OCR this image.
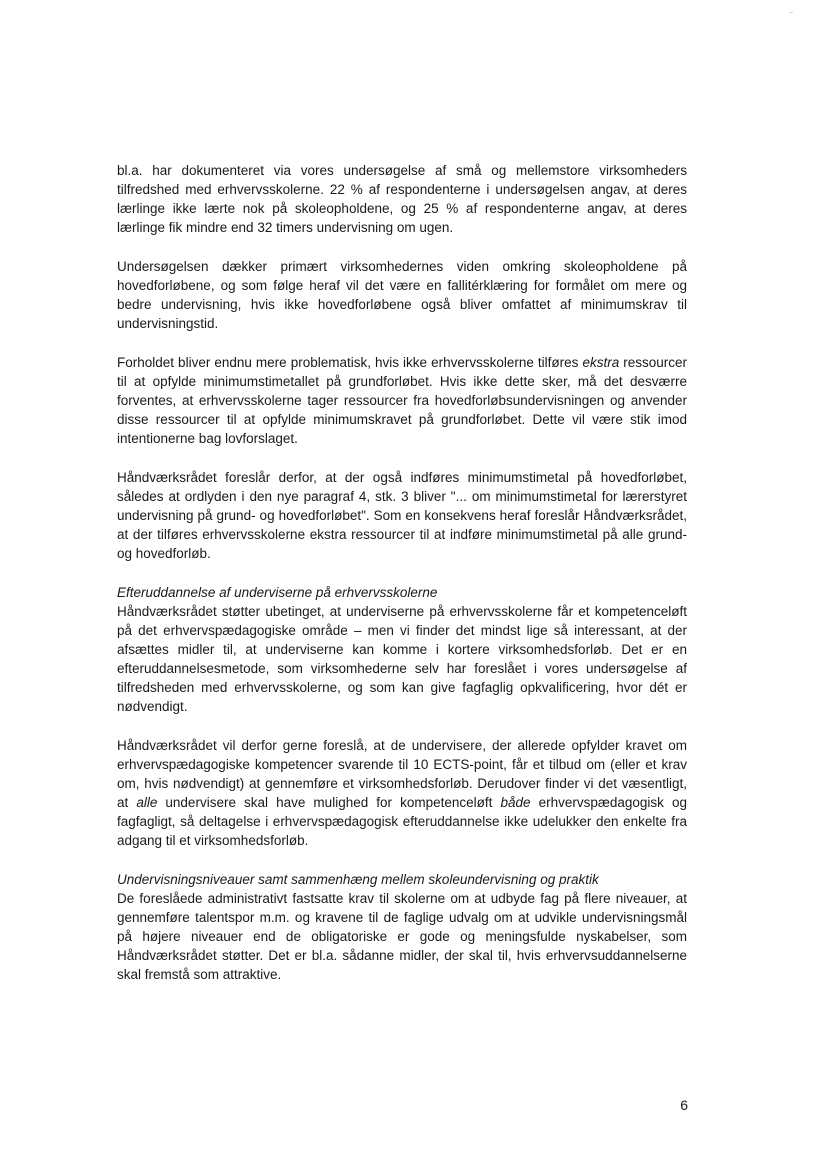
bl.a. har dokumenteret via vores undersøgelse af små og mellemstore virksomheders tilfredshed med erhvervsskolerne. 22 % af respondenterne i undersøgelsen angav, at deres lærlinge ikke lærte nok på skoleopholdene, og 25 % af respondenterne angav, at deres lærlinge fik mindre end 32 timers undervisning om ugen.

Undersøgelsen dækker primært virksomhedernes viden omkring skoleopholdene på hovedforløbene, og som følge heraf vil det være en fallitérklæring for formålet om mere og bedre undervisning, hvis ikke hovedforløbene også bliver omfattet af minimumskrav til undervisningstid.

Forholdet bliver endnu mere problematisk, hvis ikke erhvervsskolerne tilføres ekstra ressourcer til at opfylde minimumstimetallet på grundforløbet. Hvis ikke dette sker, må det desværre forventes, at erhvervsskolerne tager ressourcer fra hovedforløbsundervisningen og anvender disse ressourcer til at opfylde minimumskravet på grundforløbet. Dette vil være stik imod intentionerne bag lovforslaget.

Håndværksrådet foreslår derfor, at der også indføres minimumstimetal på hovedforløbet, således at ordlyden i den nye paragraf 4, stk. 3 bliver "... om minimumstimetal for lærerstyret undervisning på grund- og hovedforløbet". Som en konsekvens heraf foreslår Håndværksrådet, at der tilføres erhvervsskolerne ekstra ressourcer til at indføre minimumstimetal på alle grund- og hovedforløb.

Efteruddannelse af underviserne på erhvervsskolerne

Håndværksrådet støtter ubetinget, at underviserne på erhvervsskolerne får et kompetenceløft på det erhvervspædagogiske område – men vi finder det mindst lige så interessant, at der afsættes midler til, at underviserne kan komme i kortere virksomhedsforløb. Det er en efteruddannelsesmetode, som virksomhederne selv har foreslået i vores undersøgelse af tilfredsheden med erhvervsskolerne, og som kan give fagfaglig opkvalificering, hvor dét er nødvendigt.

Håndværksrådet vil derfor gerne foreslå, at de undervisere, der allerede opfylder kravet om erhvervspædagogiske kompetencer svarende til 10 ECTS-point, får et tilbud om (eller et krav om, hvis nødvendigt) at gennemføre et virksomhedsforløb. Derudover finder vi det væsentligt, at alle undervisere skal have mulighed for kompetenceløft både erhvervspædagogisk og fagfagligt, så deltagelse i erhvervspædagogisk efteruddannelse ikke udelukker den enkelte fra adgang til et virksomhedsforløb.

Undervisningsniveauer samt sammenhæng mellem skoleundervisning og praktik

De foreslåede administrativt fastsatte krav til skolerne om at udbyde fag på flere niveauer, at gennemføre talentspor m.m. og kravene til de faglige udvalg om at udvikle undervisningsmål på højere niveauer end de obligatoriske er gode og meningsfulde nyskabelser, som Håndværksrådet støtter. Det er bl.a. sådanne midler, der skal til, hvis erhvervsuddannelserne skal fremstå som attraktive.

6
